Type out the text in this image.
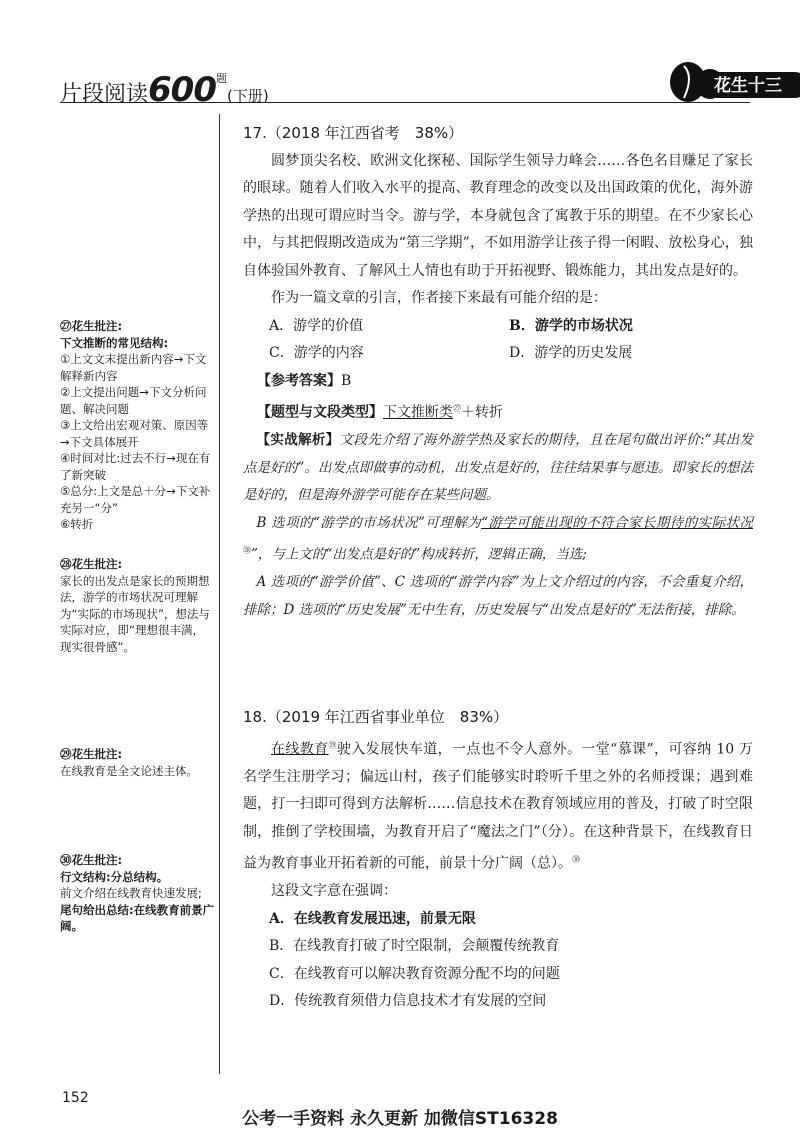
片段阅读$600^题$(下册)	花生十三
㉗花生批注:
下文推断的常见结构:
①上文文末提出新内容→下文解释新内容
②上文提出问题→下文分析问题、解决问题
③上文给出宏观对策、原因等→下文具体展开
④时间对比:过去不行→现在有了新突破
⑤总分:上文是总＋分→下文补充另一“分”
⑥转折
㉘花生批注:
家长的出发点是家长的预期想法，游学的市场状况可理解为“实际的市场现状”，想法与实际对应，即“理想很丰满，现实很骨感”。
㉙花生批注:
在线教育是全文论述主体。
㉚花生批注:
行文结构:分总结构。
前文介绍在线教育快速发展;
尾句给出总结:在线教育前景广阔。
17.（2018 年江西省考　38%）
圆梦顶尖名校、欧洲文化探秘、国际学生领导力峰会……各色名目赚足了家长的眼球。随着人们收入水平的提高、教育理念的改变以及出国政策的优化，海外游学热的出现可谓应时当令。游与学，本身就包含了寓教于乐的期望。在不少家长心中，与其把假期改造成为“第三学期”，不如用游学让孩子得一闲暇、放松身心，独自体验国外教育、了解风土人情也有助于开拓视野、锻炼能力，其出发点是好的。
作为一篇文章的引言，作者接下来最有可能介绍的是：
A．游学的价值	B．游学的市场状况
C．游学的内容	D．游学的历史发展
【参考答案】B
【题型与文段类型】下文推断类$^㉗$＋转折
【实战解析】文段先介绍了海外游学热及家长的期待，且在尾句做出评价:“其出发点是好的”。出发点即做事的动机，出发点是好的，往往结果事与愿违。即家长的想法是好的，但是海外游学可能存在某些问题。
B 选项的“游学的市场状况”可理解为“游学可能出现的不符合家长期待的实际状况$^㉘$”，与上文的“出发点是好的”构成转折，逻辑正确，当选;
A 选项的“游学价值”、C 选项的“游学内容”为上文介绍过的内容，不会重复介绍，排除；D 选项的“历史发展”无中生有，历史发展与“出发点是好的”无法衔接，排除。
18.（2019 年江西省事业单位　83%）
在线教育$^㉙$驶入发展快车道，一点也不令人意外。一堂“慕课”，可容纳 10 万名学生注册学习；偏远山村，孩子们能够实时聆听千里之外的名师授课；遇到难题，打一扫即可得到方法解析……信息技术在教育领域应用的普及，打破了时空限制，推倒了学校围墙，为教育开启了“魔法之门”（分）。在这种背景下，在线教育日益为教育事业开拓着新的可能，前景十分广阔（总）。$^㉚$
这段文字意在强调：
A．在线教育发展迅速，前景无限
B．在线教育打破了时空限制，会颠覆传统教育
C．在线教育可以解决教育资源分配不均的问题
D．传统教育须借力信息技术才有发展的空间
152
公考一手资料 永久更新 加微信ST16328
